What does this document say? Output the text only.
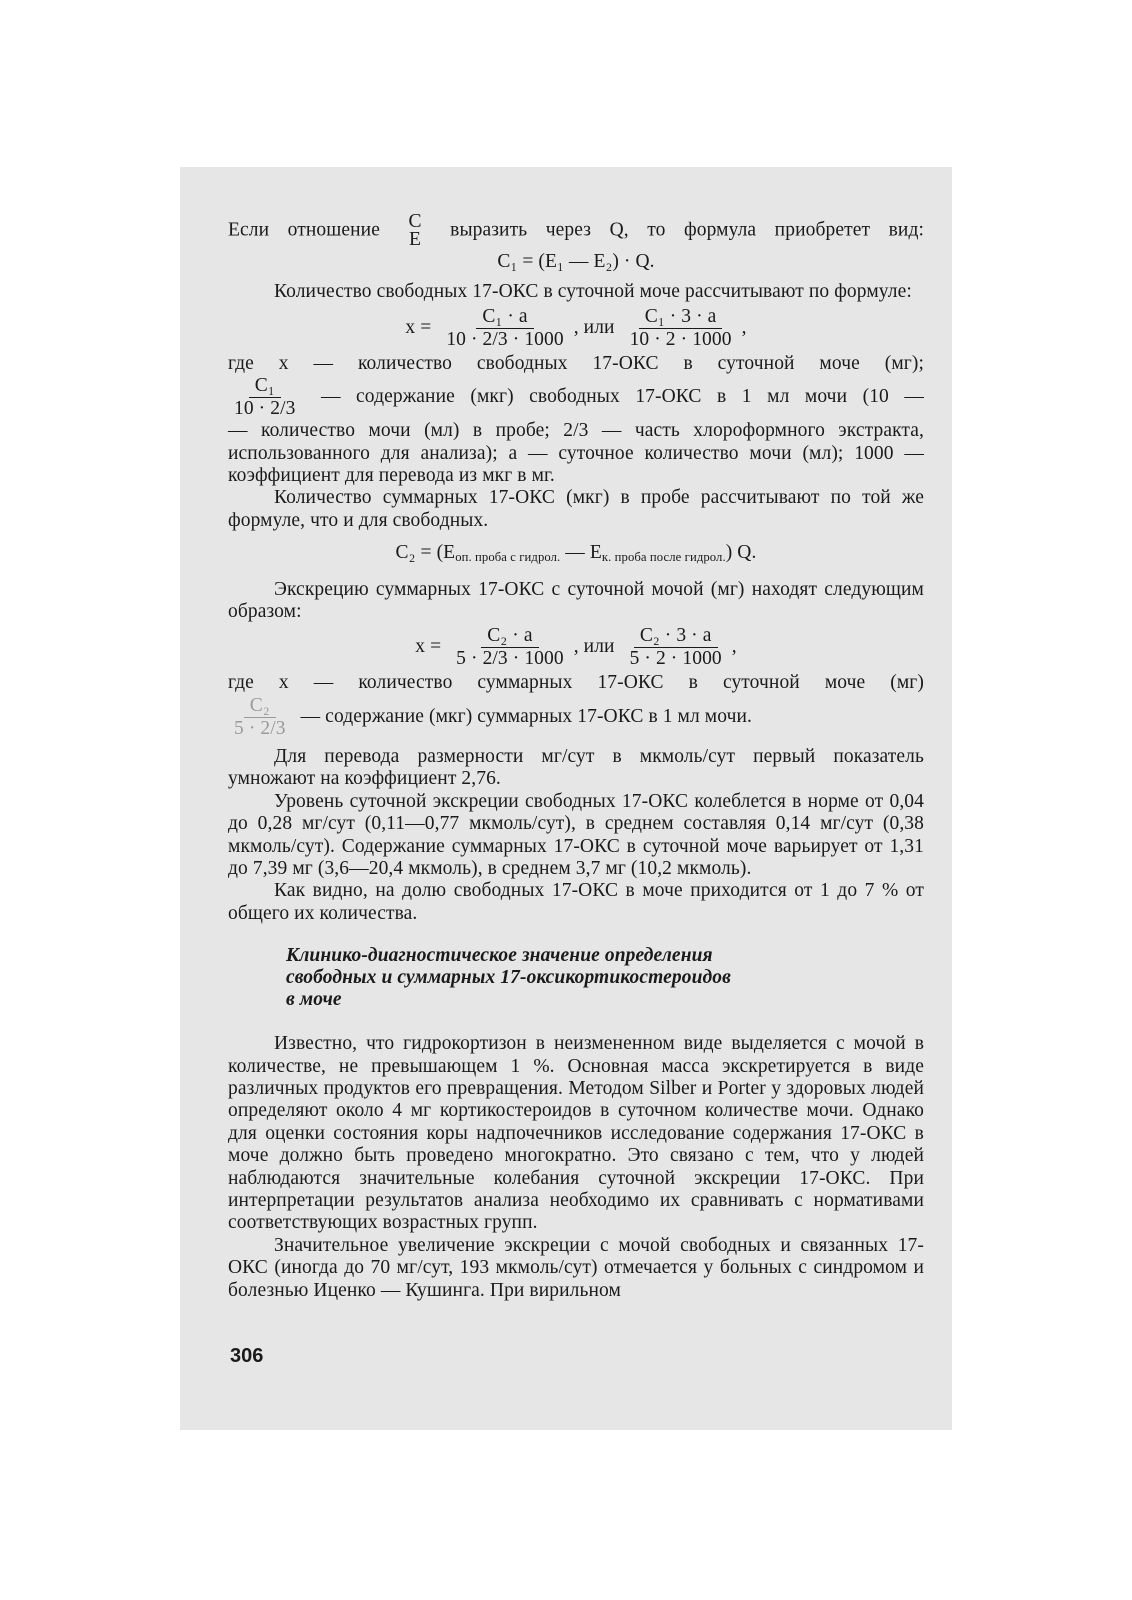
Если отношение	C
E	выразить через Q, то формула приобретет вид:

C₁ = (E₁ — E₂) · Q.

Количество свободных 17-ОКС в суточной моче рассчитывают по формуле:

$x = \frac{\text{C₁ · a}}{10 \cdot 2/3 \cdot 1000}$ , или $\frac{\text{C₁ · 3 · a}}{10 \cdot 2 \cdot 1000}$ ,

где x — количество свободных 17-ОКС в суточной моче (мг);

$\frac{\text{C₁}}{10 \cdot 2/3}$ — содержание (мкг) свободных 17-ОКС в 1 мл мочи (10 —

— количество мочи (мл) в пробе; 2/3 — часть хлороформного экстракта, использованного для анализа); a — суточное количество мочи (мл); 1000 — коэффициент для перевода из мкг в мг.

Количество суммарных 17-ОКС (мкг) в пробе рассчитывают по той же формуле, что и для свободных.

$C_2 = (E_{оп. проба с гидрол.}$ — $E_{к. проба после гидрол.}$) Q.

Экскрецию суммарных 17-ОКС с суточной мочой (мг) находят следующим образом:

$x = \frac{\text{C₂ · a}}{5 \cdot 2/3 \cdot 1000}$ , или $\frac{\text{C₂ · 3 · a}}{5 \cdot 2 \cdot 1000}$ ,

где x — количество суммарных 17-ОКС в суточной моче (мг)

$\frac{\text{C₂}}{5 \cdot 2/3}$ — содержание (мкг) суммарных 17-ОКС в 1 мл мочи.

Для перевода размерности мг/сут в мкмоль/сут первый показатель умножают на коэффициент 2,76.

Уровень суточной экскреции свободных 17-ОКС колеблется в норме от 0,04 до 0,28 мг/сут (0,11—0,77 мкмоль/сут), в среднем составляя 0,14 мг/сут (0,38 мкмоль/сут). Содержание суммарных 17-ОКС в суточной моче варьирует от 1,31 до 7,39 мг (3,6—20,4 мкмоль), в среднем 3,7 мг (10,2 мкмоль).

Как видно, на долю свободных 17-ОКС в моче приходится от 1 до 7 % от общего их количества.

Клинико-диагностическое значение определения
свободных и суммарных 17-оксикортикостероидов
в моче

Известно, что гидрокортизон в неизмененном виде выделяется с мочой в количестве, не превышающем 1 %. Основная масса экскретируется в виде различных продуктов его превращения. Методом Silber и Porter у здоровых людей определяют около 4 мг кортикостероидов в суточном количестве мочи. Однако для оценки состояния коры надпочечников исследование содержания 17-ОКС в моче должно быть проведено многократно. Это связано с тем, что у людей наблюдаются значительные колебания суточной экскреции 17-ОКС. При интерпретации результатов анализа необходимо их сравнивать с нормативами соответствующих возрастных групп.

Значительное увеличение экскреции с мочой свободных и связанных 17-ОКС (иногда до 70 мг/сут, 193 мкмоль/сут) отмечается у больных с синдромом и болезнью Иценко — Кушинга. При вирильном

306
